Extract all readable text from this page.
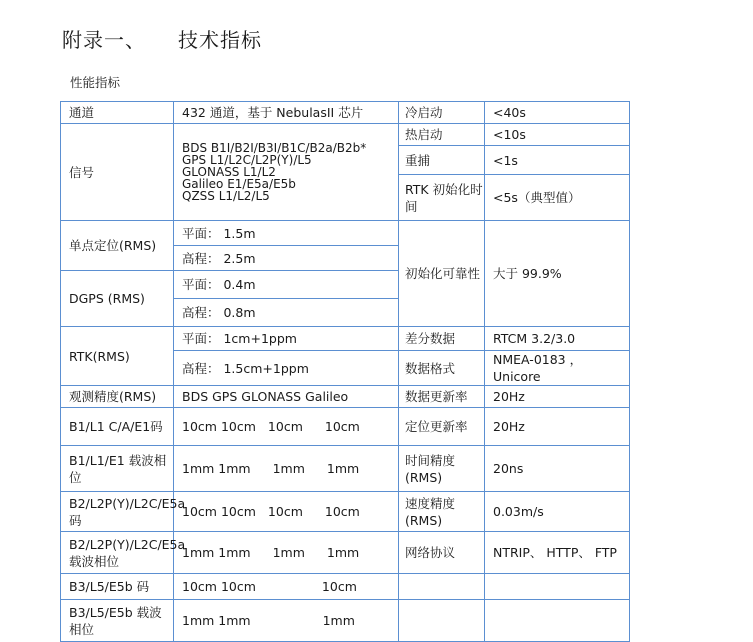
附录一、 技术指标
性能指标
通道	432 通道，基于 NebulasII 芯片	冷启动	<40s
信号	BDS B1I/B2I/B3I/B1C/B2a/B2b*
GPS L1/L2C/L2P(Y)/L5
GLONASS L1/L2
Galileo E1/E5a/E5b
QZSS L1/L2/L5	热启动	<10s
		重捕	<1s
		RTK 初始化时间	<5s（典型值）
单点定位(RMS)	平面： 1.5m	初始化可靠性	大于 99.9%
	高程： 2.5m		
DGPS (RMS)	平面： 0.4m		
	高程： 0.8m		
RTK(RMS)	平面： 1cm+1ppm	差分数据	RTCM 3.2/3.0
	高程： 1.5cm+1ppm	数据格式	NMEA-0183 ，Unicore
观测精度(RMS)	BDS GPS GLONASS Galileo	数据更新率	20Hz
B1/L1 C/A/E1码	10cm 10cm 10cm 10cm	定位更新率	20Hz
B1/L1/E1 载波相位	1mm 1mm 1mm 1mm	时间精度(RMS)	20ns
B2/L2P(Y)/L2C/E5a 码	10cm 10cm 10cm 10cm	速度精度(RMS)	0.03m/s
B2/L2P(Y)/L2C/E5a 载波相位	1mm 1mm 1mm 1mm	网络协议	NTRIP、 HTTP、 FTP
B3/L5/E5b 码	10cm 10cm 10cm		
B3/L5/E5b 载波相位	1mm 1mm 1mm		
